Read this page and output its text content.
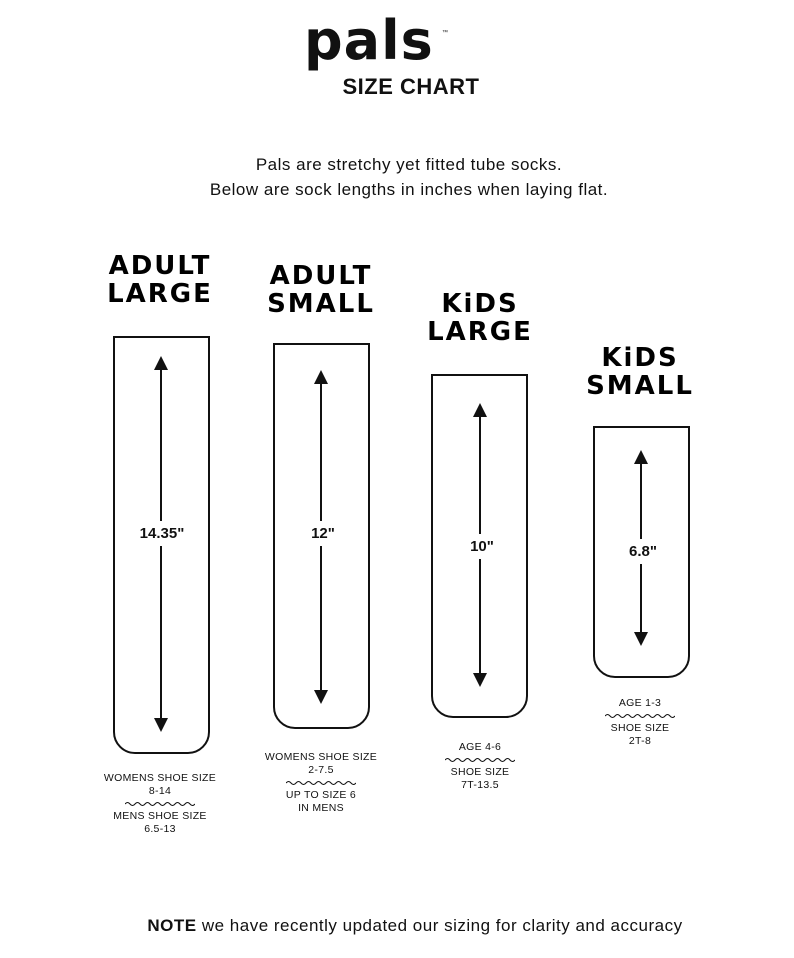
pals ™
SIZE CHART
Pals are stretchy yet fitted tube socks.
Below are sock lengths in inches when laying flat.
ADULT
LARGE
14.35"
WOMENS SHOE SIZE
8-14
MENS SHOE SIZE
6.5-13
ADULT
SMALL
12"
WOMENS SHOE SIZE
2-7.5
UP TO SIZE 6
IN MENS
KiDS
LARGE
10"
AGE 4-6
SHOE SIZE
7T-13.5
KiDS
SMALL
6.8"
AGE 1-3
SHOE SIZE
2T-8
NOTE we have recently updated our sizing for clarity and accuracy
